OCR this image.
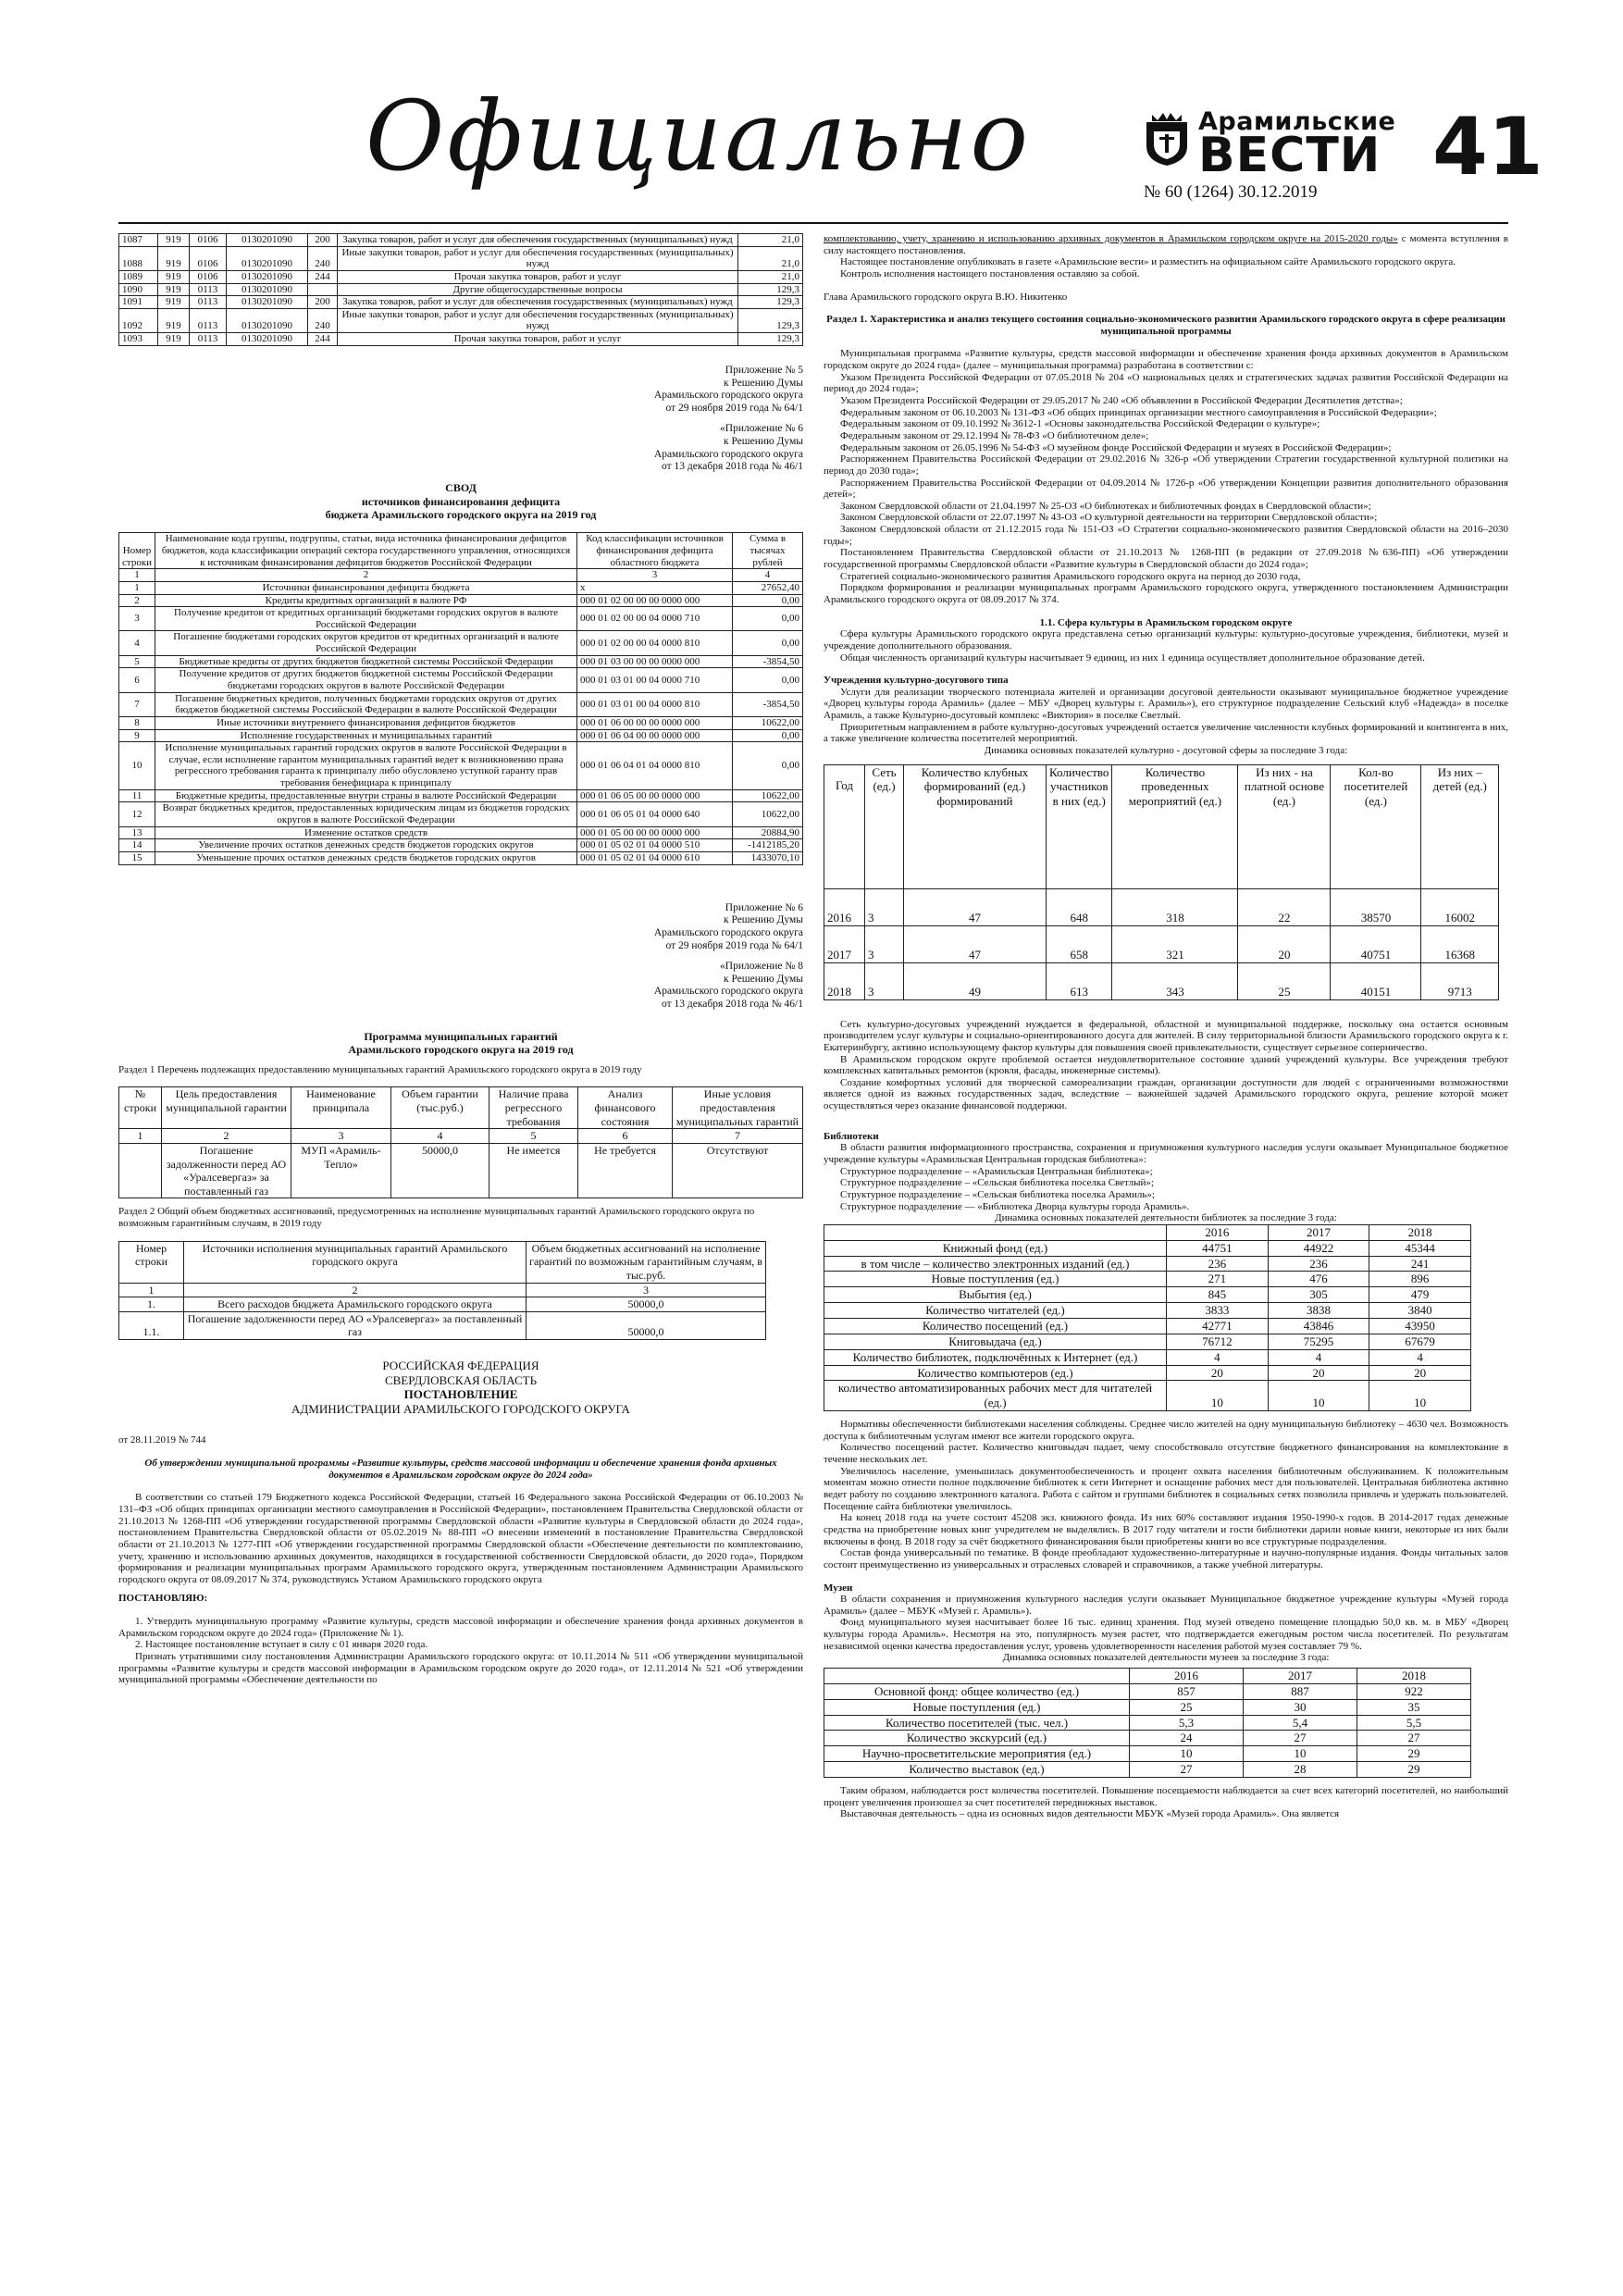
Официально	Арамильские
ВЕСТИ
№ 60 (1264) 30.12.2019 41
1087	919	0106	0130201090	200	Закупка товаров, работ и услуг для обеспечения государственных (муниципальных) нужд	21,0
1088	919	0106	0130201090	240	Иные закупки товаров, работ и услуг для обеспечения государственных (муниципальных) нужд	21,0
1089	919	0106	0130201090	244	Прочая закупка товаров, работ и услуг	21,0
1090	919	0113	0130201090		Другие общегосударственные вопросы	129,3
1091	919	0113	0130201090	200	Закупка товаров, работ и услуг для обеспечения государственных (муниципальных) нужд	129,3
1092	919	0113	0130201090	240	Иные закупки товаров, работ и услуг для обеспечения государственных (муниципальных) нужд	129,3
1093	919	0113	0130201090	244	Прочая закупка товаров, работ и услуг	129,3
Приложение № 5
к Решению Думы
Арамильского городского округа
от 29 ноября 2019 года № 64/1
«Приложение № 6
к Решению Думы
Арамильского городского округа
от 13 декабря 2018 года № 46/1
СВОД
источников финансирования дефицита
бюджета Арамильского городского округа на 2019 год
Номер строки	Наименование кода группы, подгруппы, статьи, вида источника финансирования дефицитов бюджетов, кода классификации операций сектора государственного управления, относящихся к источникам финансирования дефицитов бюджетов Российской Федерации	Код классификации источников финансирования дефицита областного бюджета	Сумма в тысячах рублей
1	2	3	4
1	Источники финансирования дефицита бюджета	x	27652,40
2	Кредиты кредитных организаций в валюте РФ	000 01 02 00 00 00 0000 000	0,00
3	Получение кредитов от кредитных организаций бюджетами городских округов в валюте Российской Федерации	000 01 02 00 00 04 0000 710	0,00
4	Погашение бюджетами городских округов кредитов от кредитных организаций в валюте Российской Федерации	000 01 02 00 00 04 0000 810	0,00
5	Бюджетные кредиты от других бюджетов бюджетной системы Российской Федерации	000 01 03 00 00 00 0000 000	-3854,50
6	Получение кредитов от других бюджетов бюджетной системы Российской Федерации бюджетами городских округов в валюте Российской Федерации	000 01 03 01 00 04 0000 710	0,00
7	Погашение бюджетных кредитов, полученных бюджетами городских округов от других бюджетов бюджетной системы Российской Федерации в валюте Российской Федерации	000 01 03 01 00 04 0000 810	-3854,50
8	Иные источники внутреннего финансирования дефицитов бюджетов	000 01 06 00 00 00 0000 000	10622,00
9	Исполнение государственных и муниципальных гарантий	000 01 06 04 00 00 0000 000	0,00
10	Исполнение муниципальных гарантий городских округов в валюте Российской Федерации в случае, если исполнение гарантом муниципальных гарантий ведет к возникновению права регрессного требования гаранта к принципалу либо обусловлено уступкой гаранту прав требования бенефициара к принципалу	000 01 06 04 01 04 0000 810	0,00
11	Бюджетные кредиты, предоставленные внутри страны в валюте Российской Федерации	000 01 06 05 00 00 0000 000	10622,00
12	Возврат бюджетных кредитов, предоставленных юридическим лицам из бюджетов городских округов в валюте Российской Федерации	000 01 06 05 01 04 0000 640	10622,00
13	Изменение остатков средств	000 01 05 00 00 00 0000 000	20884,90
14	Увеличение прочих остатков денежных средств бюджетов городских округов	000 01 05 02 01 04 0000 510	-1412185,20
15	Уменьшение прочих остатков денежных средств бюджетов городских округов	000 01 05 02 01 04 0000 610	1433070,10
Приложение № 6
к Решению Думы
Арамильского городского округа
от 29 ноября 2019 года № 64/1
«Приложение № 8
к Решению Думы
Арамильского городского округа
от 13 декабря 2018 года № 46/1
Программа муниципальных гарантий
Арамильского городского округа на 2019 год
Раздел 1 Перечень подлежащих предоставлению муниципальных гарантий Арамильского городского округа в 2019 году
№ строки	Цель предоставления муниципальной гарантии	Наименование принципала	Объем гарантии (тыс.руб.)	Наличие права регрессного требования	Анализ финансового состояния	Иные условия предоставления муниципальных гарантий
1	2	3	4	5	6	7
	Погашение задолженности перед АО «Уралсевергаз» за поставленный газ	МУП «Арамиль-Тепло»	50000,0	Не имеется	Не требуется	Отсутствуют
Раздел 2 Общий объем бюджетных ассигнований, предусмотренных на исполнение муниципальных гарантий Арамильского городского округа по возможным гарантийным случаям, в 2019 году
Номер строки	Источники исполнения муниципальных гарантий Арамильского городского округа	Объем бюджетных ассигнований на исполнение гарантий по возможным гарантийным случаям, в тыс.руб.
1	2	3
1.	Всего расходов бюджета Арамильского городского округа	50000,0
1.1.	Погашение задолженности перед АО «Уралсевергаз» за поставленный газ	50000,0
РОССИЙСКАЯ ФЕДЕРАЦИЯ
СВЕРДЛОВСКАЯ ОБЛАСТЬ
ПОСТАНОВЛЕНИЕ
АДМИНИСТРАЦИИ АРАМИЛЬСКОГО ГОРОДСКОГО ОКРУГА
от 28.11.2019 № 744
Об утверждении муниципальной программы «Развитие культуры, средств массовой информации и обеспечение хранения фонда архивных документов в Арамильском городском округе до 2024 года»

В соответствии со статьей 179 Бюджетного кодекса Российской Федерации, статьей 16 Федерального закона Российской Федерации от 06.10.2003 № 131–ФЗ «Об общих принципах организации местного самоуправления в Российской Федерации», постановлением Правительства Свердловской области от 21.10.2013 № 1268-ПП «Об утверждении государственной программы Свердловской области «Развитие культуры в Свердловской области до 2024 года», постановлением Правительства Свердловской области от 05.02.2019 № 88-ПП «О внесении изменений в постановление Правительства Свердловской области от 21.10.2013 № 1277-ПП «Об утверждении государственной программы Свердловской области «Обеспечение деятельности по комплектованию, учету, хранению и использованию архивных документов, находящихся в государственной собственности Свердловской области, до 2020 года», Порядком формирования и реализации муниципальных программ Арамильского городского округа, утвержденным постановлением Администрации Арамильского городского округа от 08.09.2017 № 374, руководствуясь Уставом Арамильского городского округа

ПОСТАНОВЛЯЮ:

1. Утвердить муниципальную программу «Развитие культуры, средств массовой информации и обеспечение хранения фонда архивных документов в Арамильском городском округе до 2024 года» (Приложение № 1).

2. Настоящее постановление вступает в силу с 01 января 2020 года.

Признать утратившими силу постановления Администрации Арамильского городского округа: от 10.11.2014 № 511 «Об утверждении муниципальной программы «Развитие культуры и средств массовой информации в Арамильском городском округе до 2020 года», от 12.11.2014 № 521 «Об утверждении муниципальной программы «Обеспечение деятельности по

комплектованию, учету, хранению и использованию архивных документов в Арамильском городском округе на 2015-2020 годы» с момента вступления в силу настоящего постановления.

Настоящее постановление опубликовать в газете «Арамильские вести» и разместить на официальном сайте Арамильского городского округа.

Контроль исполнения настоящего постановления оставляю за собой.

Глава Арамильского городского округа В.Ю. Никитенко

Раздел 1. Характеристика и анализ текущего состояния социально-экономического развития Арамильского городского округа в сфере реализации муниципальной программы

Муниципальная программа «Развитие культуры, средств массовой информации и обеспечение хранения фонда архивных документов в Арамильском городском округе до 2024 года» (далее – муниципальная программа) разработана в соответствии с:

Указом Президента Российской Федерации от 07.05.2018 № 204 «О национальных целях и стратегических задачах развития Российской Федерации на период до 2024 года»;

Указом Президента Российской Федерации от 29.05.2017 № 240 «Об объявлении в Российской Федерации Десятилетия детства»;

Федеральным законом от 06.10.2003 № 131-ФЗ «Об общих принципах организации местного самоуправления в Российской Федерации»;

Федеральным законом от 09.10.1992 № 3612-1 «Основы законодательства Российской Федерации о культуре»;

Федеральным законом от 29.12.1994 № 78-ФЗ «О библиотечном деле»;

Федеральным законом от 26.05.1996 № 54-ФЗ «О музейном фонде Российской Федерации и музеях в Российской Федерации»;

Распоряжением Правительства Российской Федерации от 29.02.2016 № 326-р «Об утверждении Стратегии государственной культурной политики на период до 2030 года»;

Распоряжением Правительства Российской Федерации от 04.09.2014 № 1726-р «Об утверждении Концепции развития дополнительного образования детей»;

Законом Свердловской области от 21.04.1997 № 25-ОЗ «О библиотеках и библиотечных фондах в Свердловской области»;

Законом Свердловской области от 22.07.1997 № 43-ОЗ «О культурной деятельности на территории Свердловской области»;

Законом Свердловской области от 21.12.2015 года № 151-ОЗ «О Стратегии социально-экономического развития Свердловской области на 2016–2030 годы»;

Постановлением Правительства Свердловской области от 21.10.2013 № 1268-ПП (в редакции от 27.09.2018 №636-ПП) «Об утверждении государственной программы Свердловской области «Развитие культуры в Свердловской области до 2024 года»;

Стратегией социально-экономического развития Арамильского городского округа на период до 2030 года,

Порядком формирования и реализации муниципальных программ Арамильского городского округа, утвержденного постановлением Администрации Арамильского городского округа от 08.09.2017 № 374.

1.1. Сфера культуры в Арамильском городском округе

Сфера культуры Арамильского городского округа представлена сетью организаций культуры: культурно-досуговые учреждения, библиотеки, музей и учреждение дополнительного образования.

Общая численность организаций культуры насчитывает 9 единиц, из них 1 единица осуществляет дополнительное образование детей.

Учреждения культурно-досугового типа

Услуги для реализации творческого потенциала жителей и организации досуговой деятельности оказывают муниципальное бюджетное учреждение «Дворец культуры города Арамиль» (далее – МБУ «Дворец культуры г. Арамиль»), его структурное подразделение Сельский клуб «Надежда» в поселке Арамиль, а также Культурно-досуговый комплекс «Виктория» в поселке Светлый.

Приоритетным направлением в работе культурно-досуговых учреждений остается увеличение численности клубных формирований и контингента в них, а также увеличение количества посетителей мероприятий.

Динамика основных показателей культурно - досуговой сферы за последние 3 года:
Год	Сеть (ед.)	Количество клубных формирований (ед.) формирований	Количество участников в них (ед.)	Количество проведенных мероприятий (ед.)	Из них - на платной основе (ед.)	Кол-во посетителей (ед.)	Из них – детей (ед.)
2016	3	47	648	318	22	38570	16002
2017	3	47	658	321	20	40751	16368
2018	3	49	613	343	25	40151	9713

Сеть культурно-досуговых учреждений нуждается в федеральной, областной и муниципальной поддержке, поскольку она остается основным производителем услуг культуры и социально-ориентированного досуга для жителей. В силу территориальной близости Арамильского городского округа к г. Екатеринбургу, активно использующему фактор культуры для повышения своей привлекательности, существует серьезное соперничество.

В Арамильском городском округе проблемой остается неудовлетворительное состояние зданий учреждений культуры. Все учреждения требуют комплексных капитальных ремонтов (кровля, фасады, инженерные системы).

Создание комфортных условий для творческой самореализации граждан, организации доступности для людей с ограниченными возможностями является одной из важных государственных задач, вследствие – важнейшей задачей Арамильского городского округа, решение которой может осуществляться через оказание финансовой поддержки.

Библиотеки

В области развития информационного пространства, сохранения и приумножения культурного наследия услуги оказывает Муниципальное бюджетное учреждение культуры «Арамильская Центральная городская библиотека»:

Структурное подразделение – «Арамильская Центральная библиотека»;

Структурное подразделение – «Сельская библиотека поселка Светлый»;

Структурное подразделение – «Сельская библиотека поселка Арамиль»;

Структурное подразделение — «Библиотека Дворца культуры города Арамиль».

Динамика основных показателей деятельности библиотек за последние 3 года:
	2016	2017	2018
Книжный фонд (ед.)	44751	44922	45344
в том числе – количество электронных изданий (ед.)	236	236	241
Новые поступления (ед.)	271	476	896
Выбытия (ед.)	845	305	479
Количество читателей (ед.)	3833	3838	3840
Количество посещений (ед.)	42771	43846	43950
Книговыдача (ед.)	76712	75295	67679
Количество библиотек, подключённых к Интернет (ед.)	4	4	4
Количество компьютеров (ед.)	20	20	20
количество автоматизированных рабочих мест для читателей (ед.)	10	10	10

Нормативы обеспеченности библиотеками населения соблюдены. Среднее число жителей на одну муниципальную библиотеку – 4630 чел. Возможность доступа к библиотечным услугам имеют все жители городского округа.

Количество посещений растет. Количество книговыдач падает, чему способствовало отсутствие бюджетного финансирования на комплектование в течение нескольких лет.

Увеличилось население, уменьшилась документообеспеченность и процент охвата населения библиотечным обслуживанием. К положительным моментам можно отнести полное подключение библиотек к сети Интернет и оснащение рабочих мест для пользователей. Центральная библиотека активно ведет работу по созданию электронного каталога. Работа с сайтом и группами библиотек в социальных сетях позволила привлечь и удержать пользователей. Посещение сайта библиотеки увеличилось.

На конец 2018 года на учете состоит 45208 экз. книжного фонда. Из них 60% составляют издания 1950-1990-х годов. В 2014-2017 годах денежные средства на приобретение новых книг учредителем не выделялись. В 2017 году читатели и гости библиотеки дарили новые книги, некоторые из них были включены в фонд. В 2018 году за счёт бюджетного финансирования были приобретены книги во все структурные подразделения.

Состав фонда универсальный по тематике. В фонде преобладают художественно-литературные и научно-популярные издания. Фонды читальных залов состоит преимущественно из универсальных и отраслевых словарей и справочников, а также учебной литературы.

Музеи

В области сохранения и приумножения культурного наследия услуги оказывает Муниципальное бюджетное учреждение культуры «Музей города Арамиль» (далее – МБУК «Музей г. Арамиль»).

Фонд муниципального музея насчитывает более 16 тыс. единиц хранения. Под музей отведено помещение площадью 50,0 кв. м. в МБУ «Дворец культуры города Арамиль». Несмотря на это, популярность музея растет, что подтверждается ежегодным ростом числа посетителей. По результатам независимой оценки качества предоставления услуг, уровень удовлетворенности населения работой музея составляет 79 %.

Динамика основных показателей деятельности музеев за последние 3 года:
	2016	2017	2018
Основной фонд: общее количество (ед.)	857	887	922
Новые поступления (ед.)	25	30	35
Количество посетителей (тыс. чел.)	5,3	5,4	5,5
Количество экскурсий (ед.)	24	27	27
Научно-просветительские мероприятия (ед.)	10	10	29
Количество выставок (ед.)	27	28	29

Таким образом, наблюдается рост количества посетителей. Повышение посещаемости наблюдается за счет всех категорий посетителей, но наибольший процент увеличения произошел за счет посетителей передвижных выставок.

Выставочная деятельность – одна из основных видов деятельности МБУК «Музей города Арамиль». Она является
